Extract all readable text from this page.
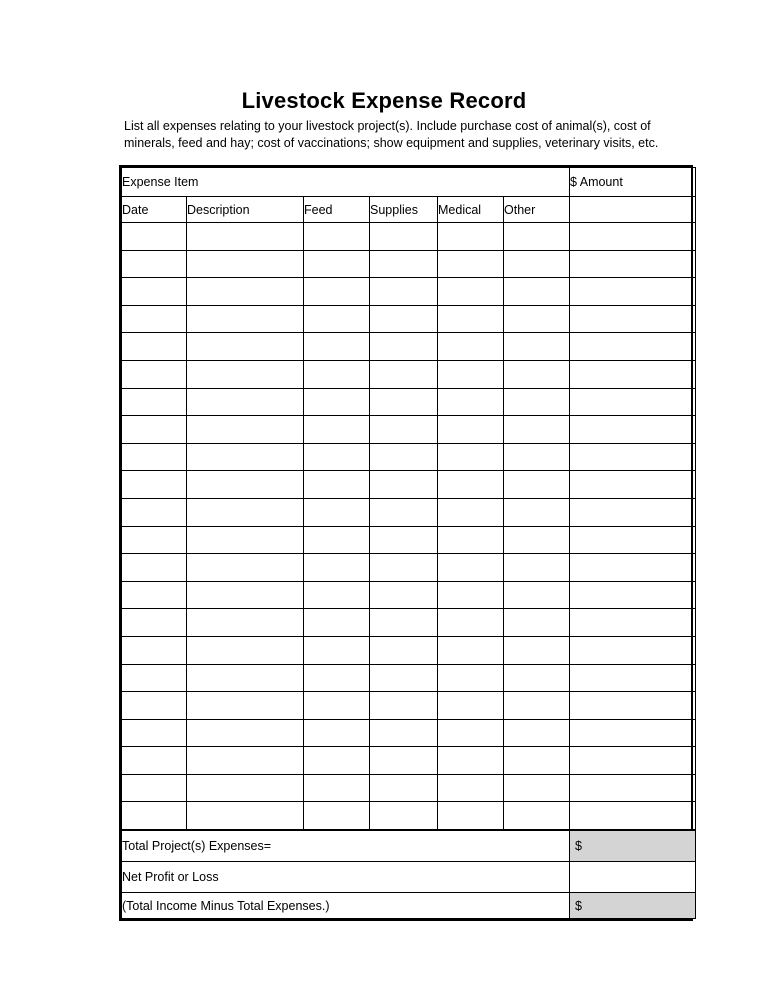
Livestock Expense Record
List all expenses relating to your livestock project(s). Include purchase cost of animal(s), cost of minerals, feed and hay; cost of vaccinations; show equipment and supplies, veterinary visits, etc.
Expense Item						$ Amount
Date	Description	Feed	Supplies	Medical	Other	

Total Project(s) Expenses=	$
Net Profit or Loss	
(Total Income Minus Total Expenses.)	$
